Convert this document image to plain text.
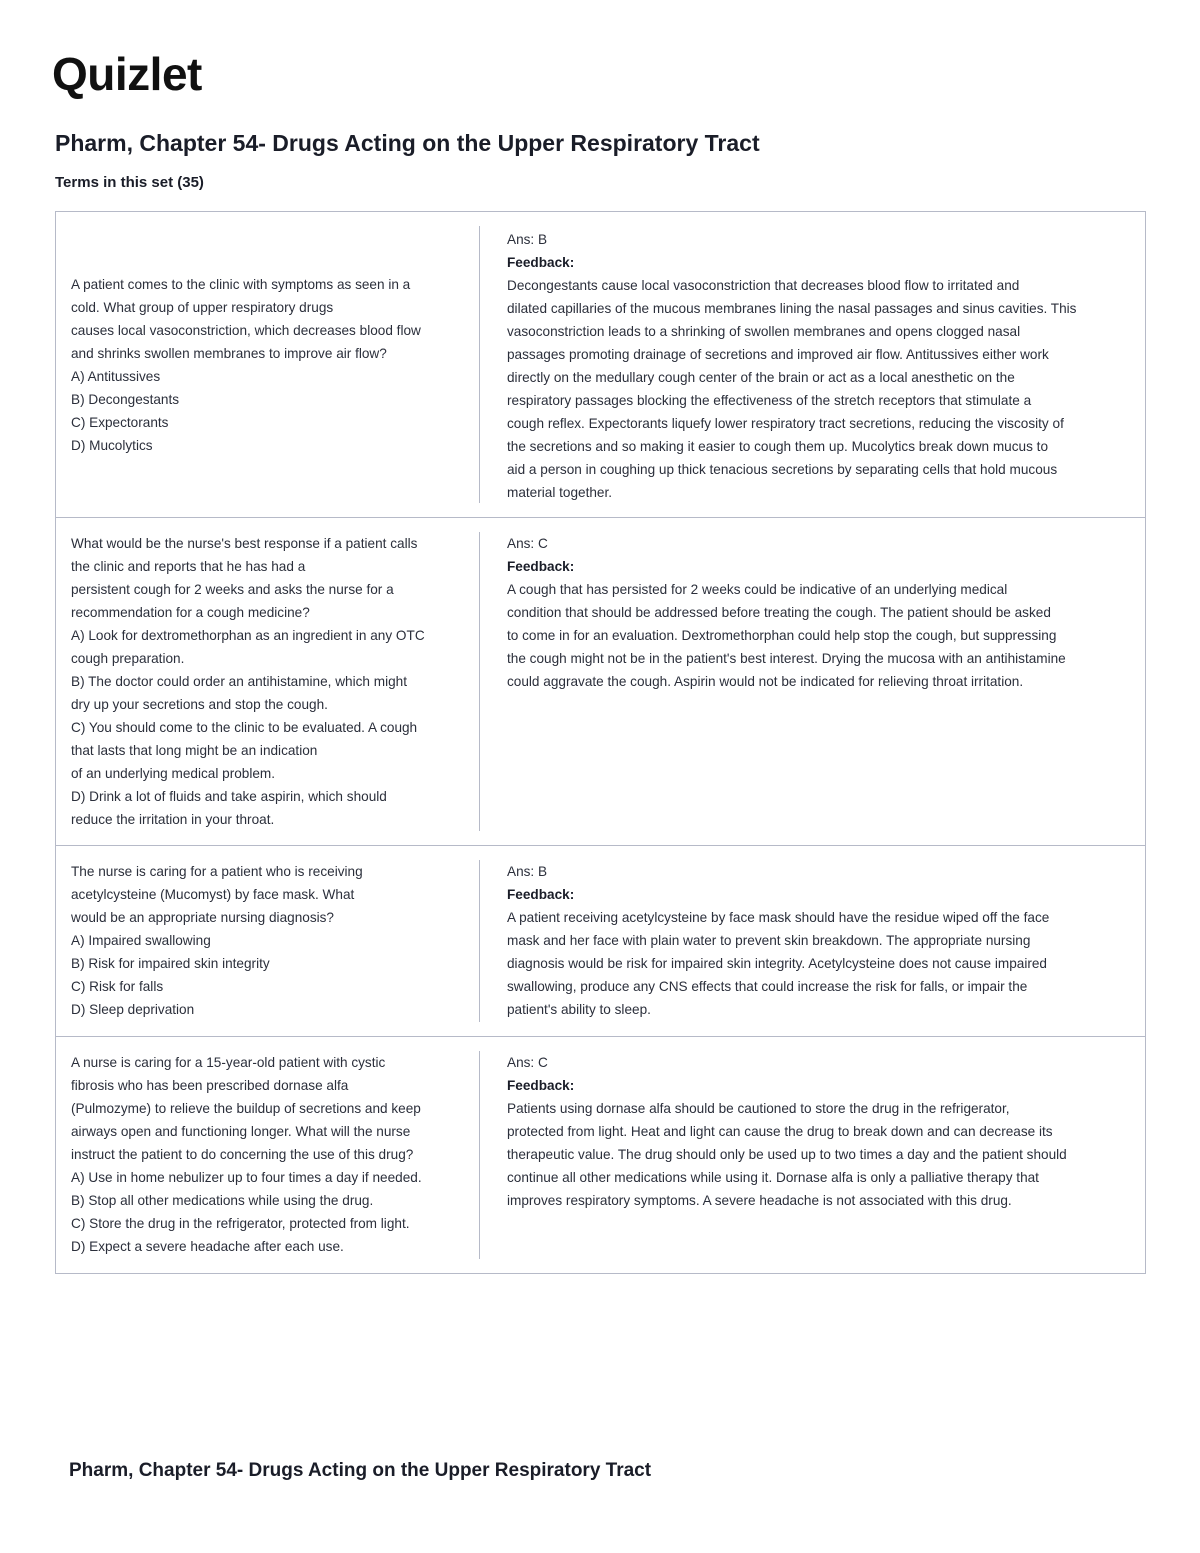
Quizlet
Pharm, Chapter 54- Drugs Acting on the Upper Respiratory Tract
Terms in this set (35)
A patient comes to the clinic with symptoms as seen in a
cold. What group of upper respiratory drugs
causes local vasoconstriction, which decreases blood flow
and shrinks swollen membranes to improve air flow?
A) Antitussives
B) Decongestants
C) Expectorants
D) Mucolytics
Ans: B
Feedback:
Decongestants cause local vasoconstriction that decreases blood flow to irritated and
dilated capillaries of the mucous membranes lining the nasal passages and sinus cavities. This
vasoconstriction leads to a shrinking of swollen membranes and opens clogged nasal
passages promoting drainage of secretions and improved air flow. Antitussives either work
directly on the medullary cough center of the brain or act as a local anesthetic on the
respiratory passages blocking the effectiveness of the stretch receptors that stimulate a
cough reflex. Expectorants liquefy lower respiratory tract secretions, reducing the viscosity of
the secretions and so making it easier to cough them up. Mucolytics break down mucus to
aid a person in coughing up thick tenacious secretions by separating cells that hold mucous
material together.
What would be the nurse's best response if a patient calls
the clinic and reports that he has had a
persistent cough for 2 weeks and asks the nurse for a
recommendation for a cough medicine?
A) Look for dextromethorphan as an ingredient in any OTC
cough preparation.
B) The doctor could order an antihistamine, which might
dry up your secretions and stop the cough.
C) You should come to the clinic to be evaluated. A cough
that lasts that long might be an indication
of an underlying medical problem.
D) Drink a lot of fluids and take aspirin, which should
reduce the irritation in your throat.
Ans: C
Feedback:
A cough that has persisted for 2 weeks could be indicative of an underlying medical
condition that should be addressed before treating the cough. The patient should be asked
to come in for an evaluation. Dextromethorphan could help stop the cough, but suppressing
the cough might not be in the patient's best interest. Drying the mucosa with an antihistamine
could aggravate the cough. Aspirin would not be indicated for relieving throat irritation.
The nurse is caring for a patient who is receiving
acetylcysteine (Mucomyst) by face mask. What
would be an appropriate nursing diagnosis?
A) Impaired swallowing
B) Risk for impaired skin integrity
C) Risk for falls
D) Sleep deprivation
Ans: B
Feedback:
A patient receiving acetylcysteine by face mask should have the residue wiped off the face
mask and her face with plain water to prevent skin breakdown. The appropriate nursing
diagnosis would be risk for impaired skin integrity. Acetylcysteine does not cause impaired
swallowing, produce any CNS effects that could increase the risk for falls, or impair the
patient's ability to sleep.
A nurse is caring for a 15-year-old patient with cystic
fibrosis who has been prescribed dornase alfa
(Pulmozyme) to relieve the buildup of secretions and keep
airways open and functioning longer. What will the nurse
instruct the patient to do concerning the use of this drug?
A) Use in home nebulizer up to four times a day if needed.
B) Stop all other medications while using the drug.
C) Store the drug in the refrigerator, protected from light.
D) Expect a severe headache after each use.
Ans: C
Feedback:
Patients using dornase alfa should be cautioned to store the drug in the refrigerator,
protected from light. Heat and light can cause the drug to break down and can decrease its
therapeutic value. The drug should only be used up to two times a day and the patient should
continue all other medications while using it. Dornase alfa is only a palliative therapy that
improves respiratory symptoms. A severe headache is not associated with this drug.
Pharm, Chapter 54- Drugs Acting on the Upper Respiratory Tract
